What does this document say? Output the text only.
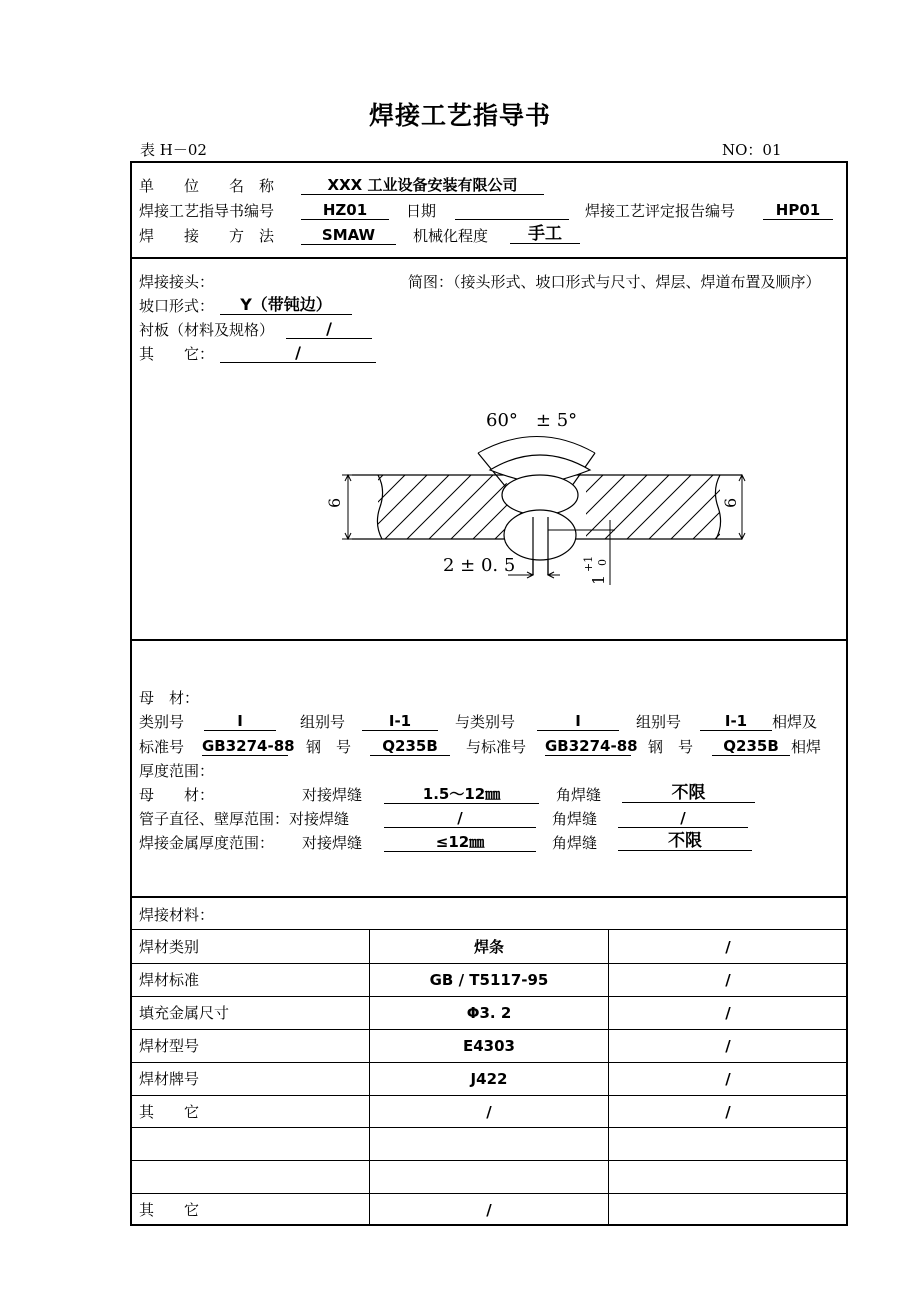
焊接工艺指导书
表 H－02	NO：01
单　　位　　名　称	XXX 工业设备安装有限公司
焊接工艺指导书编号	HZ01	日期	焊接工艺评定报告编号	HP01
焊　　接　　方　法	SMAW	机械化程度	手工
焊接接头：	简图：（接头形式、坡口形式与尺寸、焊层、焊道布置及顺序）
坡口形式：	Y（带钝边）
衬板（材料及规格）	/
其　　它：	/
60°　± 5°
6	6
2 ± 0. 5
1
+1 0
母　材：
类别号	Ⅰ	组别号	Ⅰ-1	与类别号	Ⅰ	组别号	Ⅰ-1	相焊及
标准号 GB3274-88 钢　号	Q235B	与标准号 GB3274-88 钢　号	Q235B 相焊
厚度范围：
母　　材：	对接焊缝	1.5～12㎜	角焊缝	不限
管子直径、壁厚范围：对接焊缝	/	角焊缝	/
焊接金属厚度范围： 对接焊缝	≤12㎜	角焊缝	不限
焊接材料：
焊材类别	焊条	/
焊材标准	GB / T5117-95	/
填充金属尺寸	Φ3. 2	/
焊材型号	E4303	/
焊材牌号	J422	/
其　　它	/	/
其　　它	/
